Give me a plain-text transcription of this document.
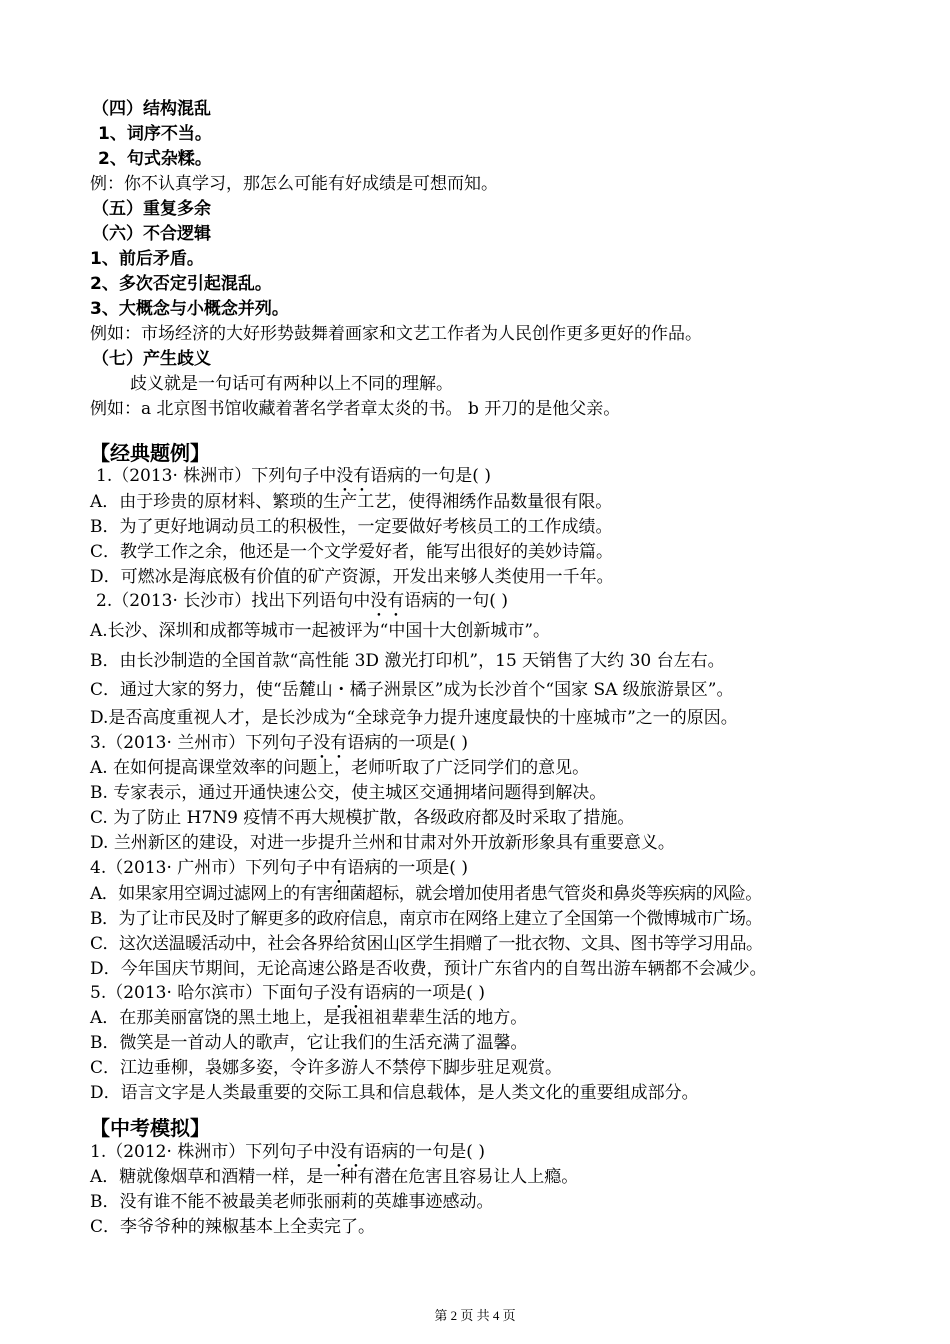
（四）结构混乱
1、词序不当。
2、句式杂糅。
例：你不认真学习，那怎么可能有好成绩是可想而知。
（五）重复多余
（六）不合逻辑
1、前后矛盾。
2、多次否定引起混乱。
3、大概念与小概念并列。
例如：市场经济的大好形势鼓舞着画家和文艺工作者为人民创作更多更好的作品。
（七）产生歧义
歧义就是一句话可有两种以上不同的理解。
例如：a 北京图书馆收藏着著名学者章太炎的书。 b 开刀的是他父亲。
【经典题例】
1.（2013· 株洲市）下列句子中没有语病的一句是( )
A．由于珍贵的原材料、繁琐的生产工艺，使得湘绣作品数量很有限。
B．为了更好地调动员工的积极性，一定要做好考核员工的工作成绩。
C．教学工作之余，他还是一个文学爱好者，能写出很好的美妙诗篇。
D．可燃冰是海底极有价值的矿产资源，开发出来够人类使用一千年。
2.（2013· 长沙市）找出下列语句中没有语病的一句( )
A.长沙、深圳和成都等城市一起被评为“中国十大创新城市”。
B．由长沙制造的全国首款“高性能 3D 激光打印机”，15 天销售了大约 30 台左右。
C．通过大家的努力，使“岳麓山・橘子洲景区”成为长沙首个“国家 SA 级旅游景区”。
D.是否高度重视人才，是长沙成为“全球竞争力提升速度最快的十座城市”之一的原因。
3.（2013· 兰州市）下列句子没有语病的一项是( )
A. 在如何提高课堂效率的问题上，老师听取了广泛同学们的意见。
B. 专家表示，通过开通快速公交，使主城区交通拥堵问题得到解决。
C. 为了防止 H7N9 疫情不再大规模扩散，各级政府都及时采取了措施。
D. 兰州新区的建设，对进一步提升兰州和甘肃对外开放新形象具有重要意义。
4.（2013· 广州市）下列句子中有语病的一项是( )
A．如果家用空调过滤网上的有害细菌超标，就会增加使用者患气管炎和鼻炎等疾病的风险。
B．为了让市民及时了解更多的政府信息，南京市在网络上建立了全国第一个微博城市广场。
C．这次送温暖活动中，社会各界给贫困山区学生捐赠了一批衣物、文具、图书等学习用品。
D．今年国庆节期间，无论高速公路是否收费，预计广东省内的自驾出游车辆都不会减少。
5.（2013· 哈尔滨市）下面句子没有语病的一项是( )
A．在那美丽富饶的黑土地上，是我祖祖辈辈生活的地方。
B．微笑是一首动人的歌声，它让我们的生活充满了温馨。
C．江边垂柳，袅娜多姿，令许多游人不禁停下脚步驻足观赏。
D．语言文字是人类最重要的交际工具和信息载体，是人类文化的重要组成部分。
【中考模拟】
1.（2012· 株洲市）下列句子中没有语病的一句是( )
A．糖就像烟草和酒精一样，是一种有潜在危害且容易让人上瘾。
B．没有谁不能不被最美老师张丽莉的英雄事迹感动。
C．李爷爷种的辣椒基本上全卖完了。
第 2 页 共 4 页
